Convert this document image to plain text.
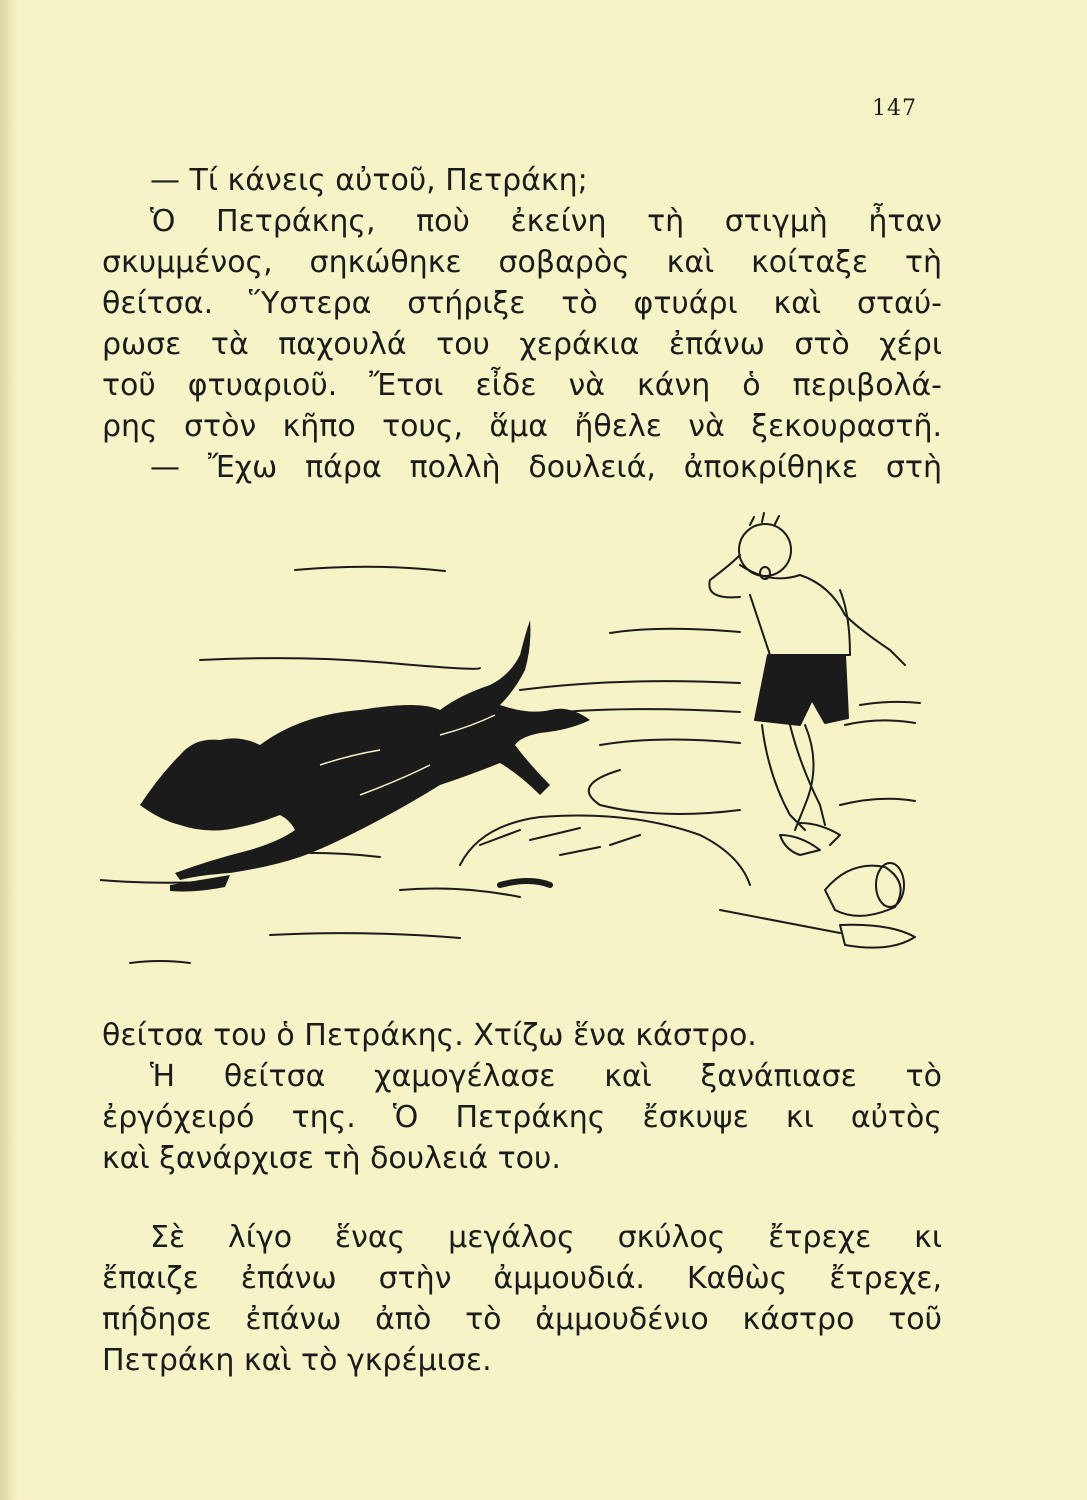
147
— Τί κάνεις αὐτοῦ, Πετράκη;
Ὁ Πετράκης, ποὺ ἐκείνη τὴ στιγμὴ ἦταν
σκυμμένος, σηκώθηκε σοβαρὸς καὶ κοίταξε τὴ
θείτσα. Ὕστερα στήριξε τὸ φτυάρι καὶ σταύ-
ρωσε τὰ παχουλά του χεράκια ἐπάνω στὸ χέρι
τοῦ φτυαριοῦ. Ἔτσι εἶδε νὰ κάνη ὁ περιβολά-
ρης στὸν κῆπο τους, ἅμα ἤθελε νὰ ξεκουραστῆ.
— Ἔχω πάρα πολλὴ δουλειά, ἀποκρίθηκε στὴ
θείτσα του ὁ Πετράκης. Χτίζω ἕνα κάστρο.
Ἡ θείτσα χαμογέλασε καὶ ξανάπιασε τὸ
ἐργόχειρό της. Ὁ Πετράκης ἔσκυψε κι αὐτὸς
καὶ ξανάρχισε τὴ δουλειά του.
Σὲ λίγο ἕνας μεγάλος σκύλος ἔτρεχε κι
ἔπαιζε ἐπάνω στὴν ἀμμουδιά. Καθὼς ἔτρεχε,
πήδησε ἐπάνω ἀπὸ τὸ ἀμμουδένιο κάστρο τοῦ
Πετράκη καὶ τὸ γκρέμισε.
